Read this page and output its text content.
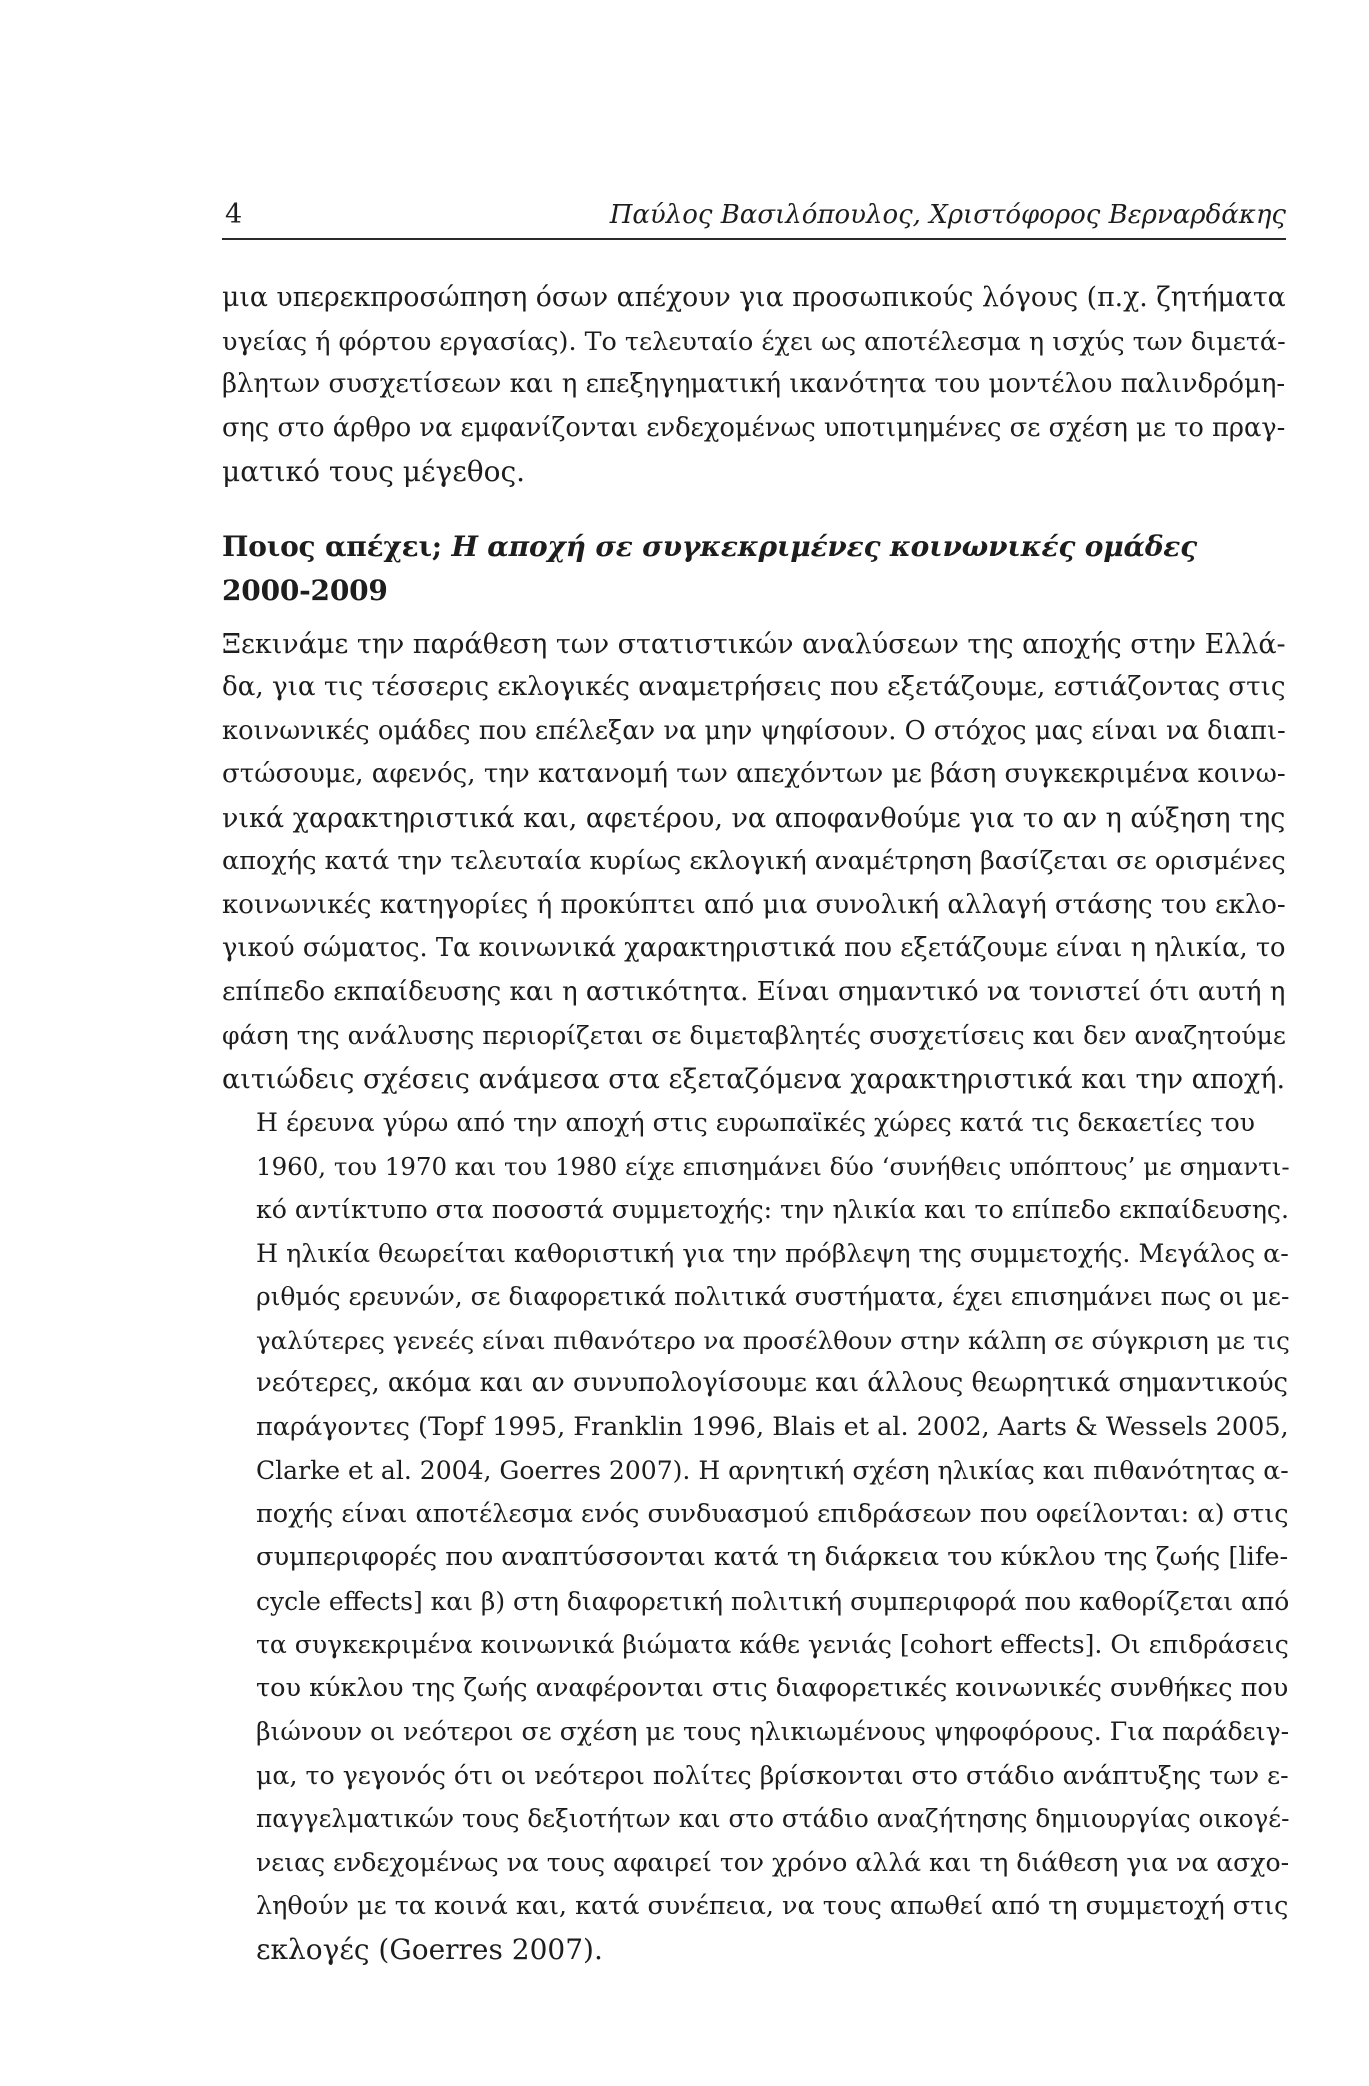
4	Παύλος Βασιλόπουλος, Χριστόφορος Βερναρδάκης

μια υπερεκπροσώπηση όσων απέχουν για προσωπικούς λόγους (π.χ. ζητήματα
υγείας ή φόρτου εργασίας). Το τελευταίο έχει ως αποτέλεσμα η ισχύς των διμετά-
βλητων συσχετίσεων και η επεξηγηματική ικανότητα του μοντέλου παλινδρόμη-
σης στο άρθρο να εμφανίζονται ενδεχομένως υποτιμημένες σε σχέση με το πραγ-
ματικό τους μέγεθος.

Ποιος απέχει; Η αποχή σε συγκεκριμένες κοινωνικές ομάδες 2000-2009

Ξεκινάμε την παράθεση των στατιστικών αναλύσεων της αποχής στην Ελλά-
δα, για τις τέσσερις εκλογικές αναμετρήσεις που εξετάζουμε, εστιάζοντας στις
κοινωνικές ομάδες που επέλεξαν να μην ψηφίσουν. Ο στόχος μας είναι να διαπι-
στώσουμε, αφενός, την κατανομή των απεχόντων με βάση συγκεκριμένα κοινω-
νικά χαρακτηριστικά και, αφετέρου, να αποφανθούμε για το αν η αύξηση της
αποχής κατά την τελευταία κυρίως εκλογική αναμέτρηση βασίζεται σε ορισμένες
κοινωνικές κατηγορίες ή προκύπτει από μια συνολική αλλαγή στάσης του εκλο-
γικού σώματος. Τα κοινωνικά χαρακτηριστικά που εξετάζουμε είναι η ηλικία, το
επίπεδο εκπαίδευσης και η αστικότητα. Είναι σημαντικό να τονιστεί ότι αυτή η
φάση της ανάλυσης περιορίζεται σε διμεταβλητές συσχετίσεις και δεν αναζητούμε
αιτιώδεις σχέσεις ανάμεσα στα εξεταζόμενα χαρακτηριστικά και την αποχή.

Η έρευνα γύρω από την αποχή στις ευρωπαϊκές χώρες κατά τις δεκαετίες του
1960, του 1970 και του 1980 είχε επισημάνει δύο ‘συνήθεις υπόπτους’ με σημαντι-
κό αντίκτυπο στα ποσοστά συμμετοχής: την ηλικία και το επίπεδο εκπαίδευσης.
Η ηλικία θεωρείται καθοριστική για την πρόβλεψη της συμμετοχής. Μεγάλος α-
ριθμός ερευνών, σε διαφορετικά πολιτικά συστήματα, έχει επισημάνει πως οι με-
γαλύτερες γενεές είναι πιθανότερο να προσέλθουν στην κάλπη σε σύγκριση με τις
νεότερες, ακόμα και αν συνυπολογίσουμε και άλλους θεωρητικά σημαντικούς
παράγοντες (Topf 1995, Franklin 1996, Blais et al. 2002, Aarts & Wessels 2005,
Clarke et al. 2004, Goerres 2007). Η αρνητική σχέση ηλικίας και πιθανότητας α-
ποχής είναι αποτέλεσμα ενός συνδυασμού επιδράσεων που οφείλονται: α) στις
συμπεριφορές που αναπτύσσονται κατά τη διάρκεια του κύκλου της ζωής [life-
cycle effects] και β) στη διαφορετική πολιτική συμπεριφορά που καθορίζεται από
τα συγκεκριμένα κοινωνικά βιώματα κάθε γενιάς [cohort effects]. Οι επιδράσεις
του κύκλου της ζωής αναφέρονται στις διαφορετικές κοινωνικές συνθήκες που
βιώνουν οι νεότεροι σε σχέση με τους ηλικιωμένους ψηφοφόρους. Για παράδειγ-
μα, το γεγονός ότι οι νεότεροι πολίτες βρίσκονται στο στάδιο ανάπτυξης των ε-
παγγελματικών τους δεξιοτήτων και στο στάδιο αναζήτησης δημιουργίας οικογέ-
νειας ενδεχομένως να τους αφαιρεί τον χρόνο αλλά και τη διάθεση για να ασχο-
ληθούν με τα κοινά και, κατά συνέπεια, να τους απωθεί από τη συμμετοχή στις
εκλογές (Goerres 2007).
